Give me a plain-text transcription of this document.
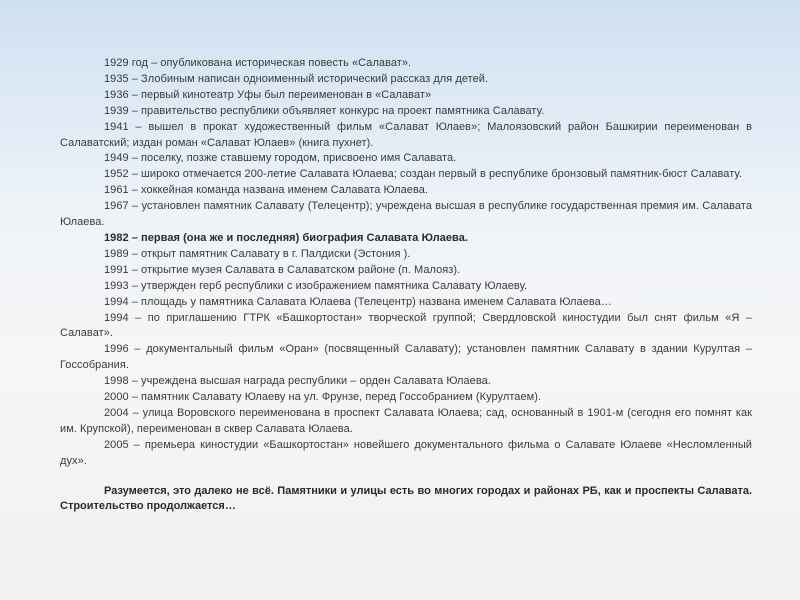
1929 год – опубликована историческая повесть «Салават».

1935 – Злобиным написан одноименный исторический рассказ для детей.

1936 – первый кинотеатр Уфы был переименован в «Салават»

1939 – правительство республики объявляет конкурс на проект памятника Салавату.

1941 – вышел в прокат художественный фильм «Салават Юлаев»; Малоязовский район Башкирии переименован в Салаватский; издан роман «Салават Юлаев» (книга пухнет).

1949 – поселку, позже ставшему городом, присвоено имя Салавата.

1952 – широко отмечается 200-летие Салавата Юлаева; создан первый в республике бронзовый памятник-бюст Салавату.

1961 – хоккейная команда названа именем Салавата Юлаева.

1967 – установлен памятник Салавату (Телецентр); учреждена высшая в республике государственная премия им. Салавата Юлаева.

1982 – первая (она же и последняя) биография Салавата Юлаева.

1989 – открыт памятник Салавату в г. Палдиски (Эстония ).

1991 – открытие музея Салавата в Салаватском районе (п. Малояз).

1993 – утвержден герб республики с изображением памятника Салавату Юлаеву.

1994 – площадь у памятника Салавата Юлаева (Телецентр) названа именем Салавата Юлаева…

1994 – по приглашению ГТРК «Башкортостан» творческой группой; Свердловской киностудии был снят фильм «Я – Салават».

1996 – документальный фильм «Оран» (посвященный Салавату); установлен памятник Салавату в здании Курултая – Госсобрания.

1998 – учреждена высшая награда республики – орден Салавата Юлаева.

2000 – памятник Салавату Юлаеву на ул. Фрунзе, перед Госсобранием (Курултаем).

2004 – улица Воровского переименована в проспект Салавата Юлаева; сад, основанный в 1901-м (сегодня его помнят как им. Крупской), переименован в сквер Салавата Юлаева.

2005 – премьера киностудии «Башкортостан» новейшего документального фильма о Салавате Юлаеве «Несломленный дух».

Разумеется, это далеко не всё. Памятники и улицы есть во многих городах и районах РБ, как и проспекты Салавата. Строительство продолжается…
